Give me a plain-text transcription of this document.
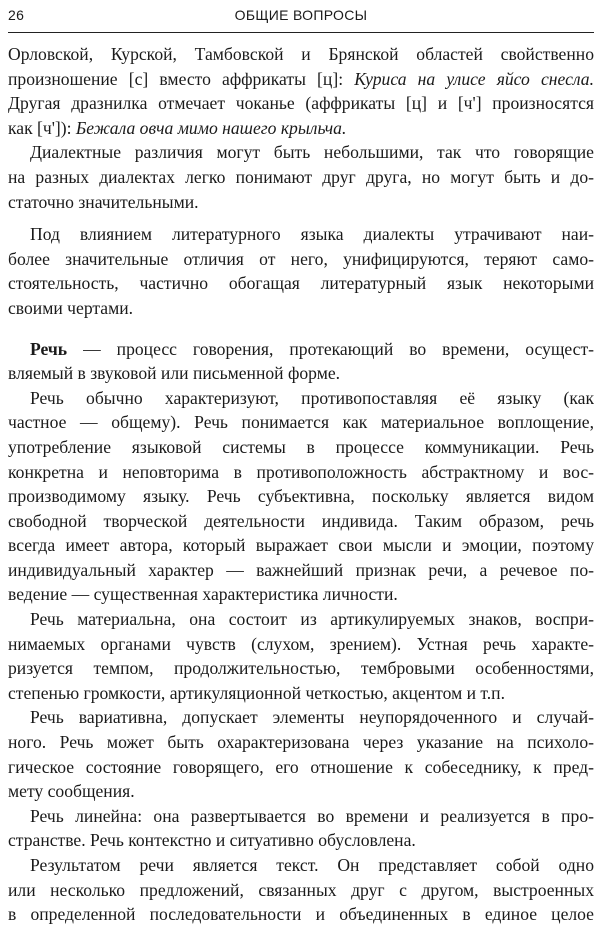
26	ОБЩИЕ ВОПРОСЫ

Орловской, Курской, Тамбовской и Брянской областей свойственно
произношение [с] вместо аффрикаты [ц]: Куриса на улисе яйсо снесла.
Другая дразнилка отмечает чоканье (аффрикаты [ц] и [ч'] произносятся
как [ч']): Бежала овча мимо нашего крыльча.

Диалектные различия могут быть небольшими, так что говорящие
на разных диалектах легко понимают друг друга, но могут быть и до-
статочно значительными.

Под влиянием литературного языка диалекты утрачивают наи-
более значительные отличия от него, унифицируются, теряют само-
стоятельность, частично обогащая литературный язык некоторыми
своими чертами.

Речь — процесс говорения, протекающий во времени, осущест-
вляемый в звуковой или письменной форме.

Речь обычно характеризуют, противопоставляя её языку (как
частное — общему). Речь понимается как материальное воплощение,
употребление языковой системы в процессе коммуникации. Речь
конкретна и неповторима в противоположность абстрактному и вос-
производимому языку. Речь субъективна, поскольку является видом
свободной творческой деятельности индивида. Таким образом, речь
всегда имеет автора, который выражает свои мысли и эмоции, поэтому
индивидуальный характер — важнейший признак речи, а речевое по-
ведение — существенная характеристика личности.

Речь материальна, она состоит из артикулируемых знаков, воспри-
нимаемых органами чувств (слухом, зрением). Устная речь характе-
ризуется темпом, продолжительностью, тембровыми особенностями,
степенью громкости, артикуляционной четкостью, акцентом и т.п.

Речь вариативна, допускает элементы неупорядоченного и случай-
ного. Речь может быть охарактеризована через указание на психоло-
гическое состояние говорящего, его отношение к собеседнику, к пред-
мету сообщения.

Речь линейна: она развертывается во времени и реализуется в про-
странстве. Речь контекстно и ситуативно обусловлена.

Результатом речи является текст. Он представляет собой одно
или несколько предложений, связанных друг с другом, выстроенных
в определенной последовательности и объединенных в единое целое
